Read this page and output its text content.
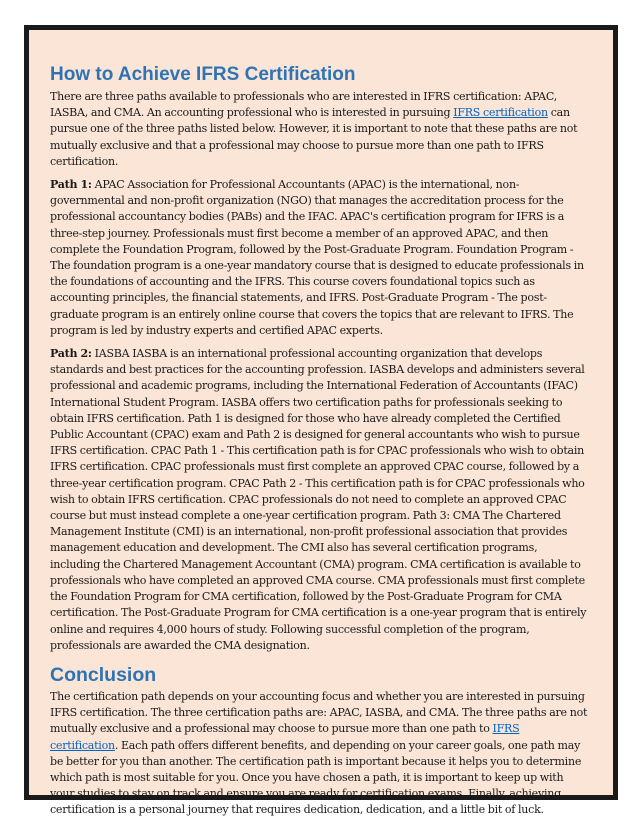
How to Achieve IFRS Certification

There are three paths available to professionals who are interested in IFRS certification: APAC, IASBA, and CMA. An accounting professional who is interested in pursuing IFRS certification can pursue one of the three paths listed below. However, it is important to note that these paths are not mutually exclusive and that a professional may choose to pursue more than one path to IFRS certification.

Path 1: APAC Association for Professional Accountants (APAC) is the international, non-governmental and non-profit organization (NGO) that manages the accreditation process for the professional accountancy bodies (PABs) and the IFAC. APAC's certification program for IFRS is a three-step journey. Professionals must first become a member of an approved APAC, and then complete the Foundation Program, followed by the Post-Graduate Program. Foundation Program - The foundation program is a one-year mandatory course that is designed to educate professionals in the foundations of accounting and the IFRS. This course covers foundational topics such as accounting principles, the financial statements, and IFRS. Post-Graduate Program - The post-graduate program is an entirely online course that covers the topics that are relevant to IFRS. The program is led by industry experts and certified APAC experts.

Path 2: IASBA IASBA is an international professional accounting organization that develops standards and best practices for the accounting profession. IASBA develops and administers several professional and academic programs, including the International Federation of Accountants (IFAC) International Student Program. IASBA offers two certification paths for professionals seeking to obtain IFRS certification. Path 1 is designed for those who have already completed the Certified Public Accountant (CPAC) exam and Path 2 is designed for general accountants who wish to pursue IFRS certification. CPAC Path 1 - This certification path is for CPAC professionals who wish to obtain IFRS certification. CPAC professionals must first complete an approved CPAC course, followed by a three-year certification program. CPAC Path 2 - This certification path is for CPAC professionals who wish to obtain IFRS certification. CPAC professionals do not need to complete an approved CPAC course but must instead complete a one-year certification program. Path 3: CMA The Chartered Management Institute (CMI) is an international, non-profit professional association that provides management education and development. The CMI also has several certification programs, including the Chartered Management Accountant (CMA) program. CMA certification is available to professionals who have completed an approved CMA course. CMA professionals must first complete the Foundation Program for CMA certification, followed by the Post-Graduate Program for CMA certification. The Post-Graduate Program for CMA certification is a one-year program that is entirely online and requires 4,000 hours of study. Following successful completion of the program, professionals are awarded the CMA designation.

Conclusion

The certification path depends on your accounting focus and whether you are interested in pursuing IFRS certification. The three certification paths are: APAC, IASBA, and CMA. The three paths are not mutually exclusive and a professional may choose to pursue more than one path to IFRS certification. Each path offers different benefits, and depending on your career goals, one path may be better for you than another. The certification path is important because it helps you to determine which path is most suitable for you. Once you have chosen a path, it is important to keep up with your studies to stay on track and ensure you are ready for certification exams. Finally, achieving certification is a personal journey that requires dedication, dedication, and a little bit of luck.
